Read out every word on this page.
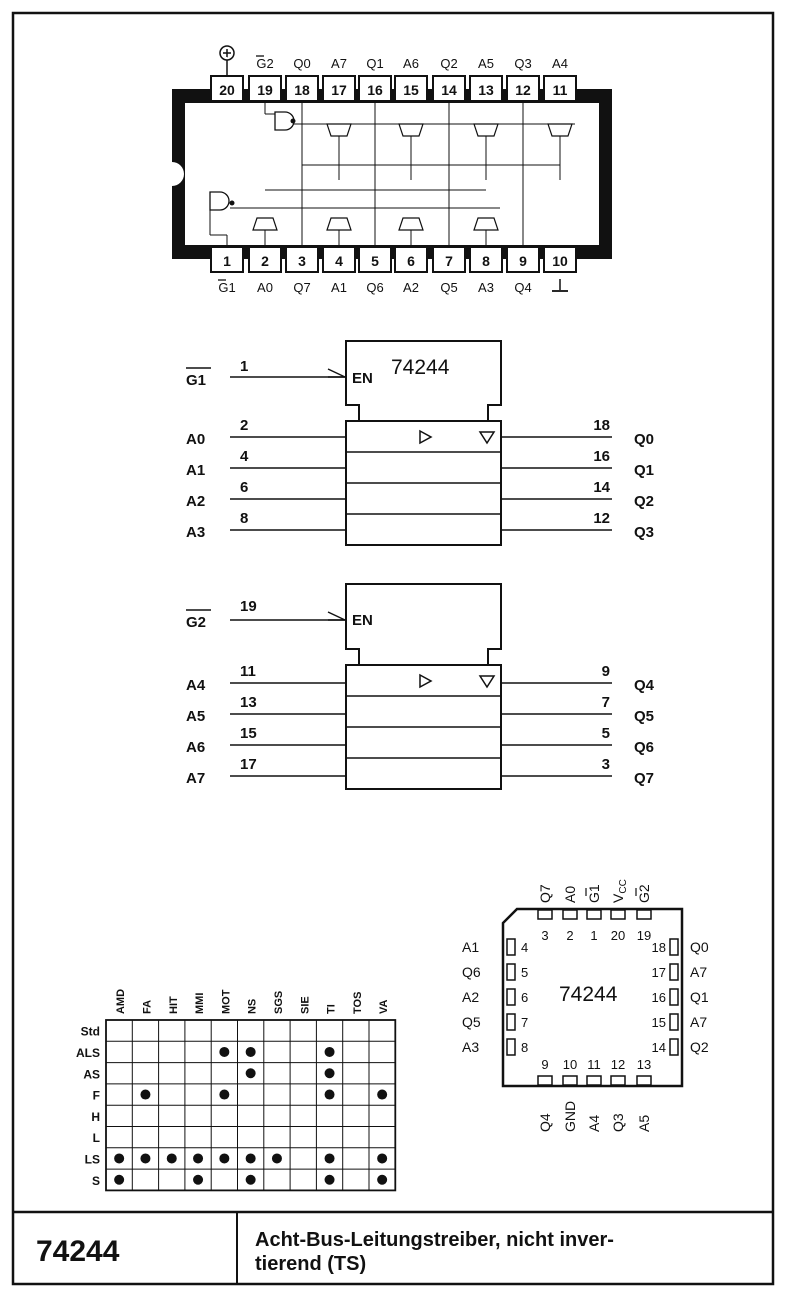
20
⊕
19
G2
18
Q0
17
A7
16
Q1
15
A6
14
Q2
13
A5
12
Q3
11
A4
1
G1
2
A0
3
Q7
4
A1
5
Q6
6
A2
7
Q5
8
A3
9
Q4
10
⊥
74244
EN
G1
1
A0
2
A1
4
A2
6
A3
8
Q0
18
Q1
16
Q2
14
Q3
12
EN
G2
19
A4
11
A5
13
A6
15
A7
17
Q4
9
Q5
7
Q6
5
Q7
3
AMD FA HIT MMI MOT NS SGS SIE TI TOS VA
Std
ALS
AS
F
H
L
LS
S
74244
3
Q7
2
A0
1
G1
20
$V_{CC}$
19
G2
4
A1
5
Q6
6
A2
7
Q5
8
A3
18 Q0
17 A7
16 Q1
15 A7
14 Q2
9
Q4
10
GND
11
A4
12
Q3
13
A5
74244	Acht-Bus-Leitungstreiber, nicht inver-
tierend (TS)
